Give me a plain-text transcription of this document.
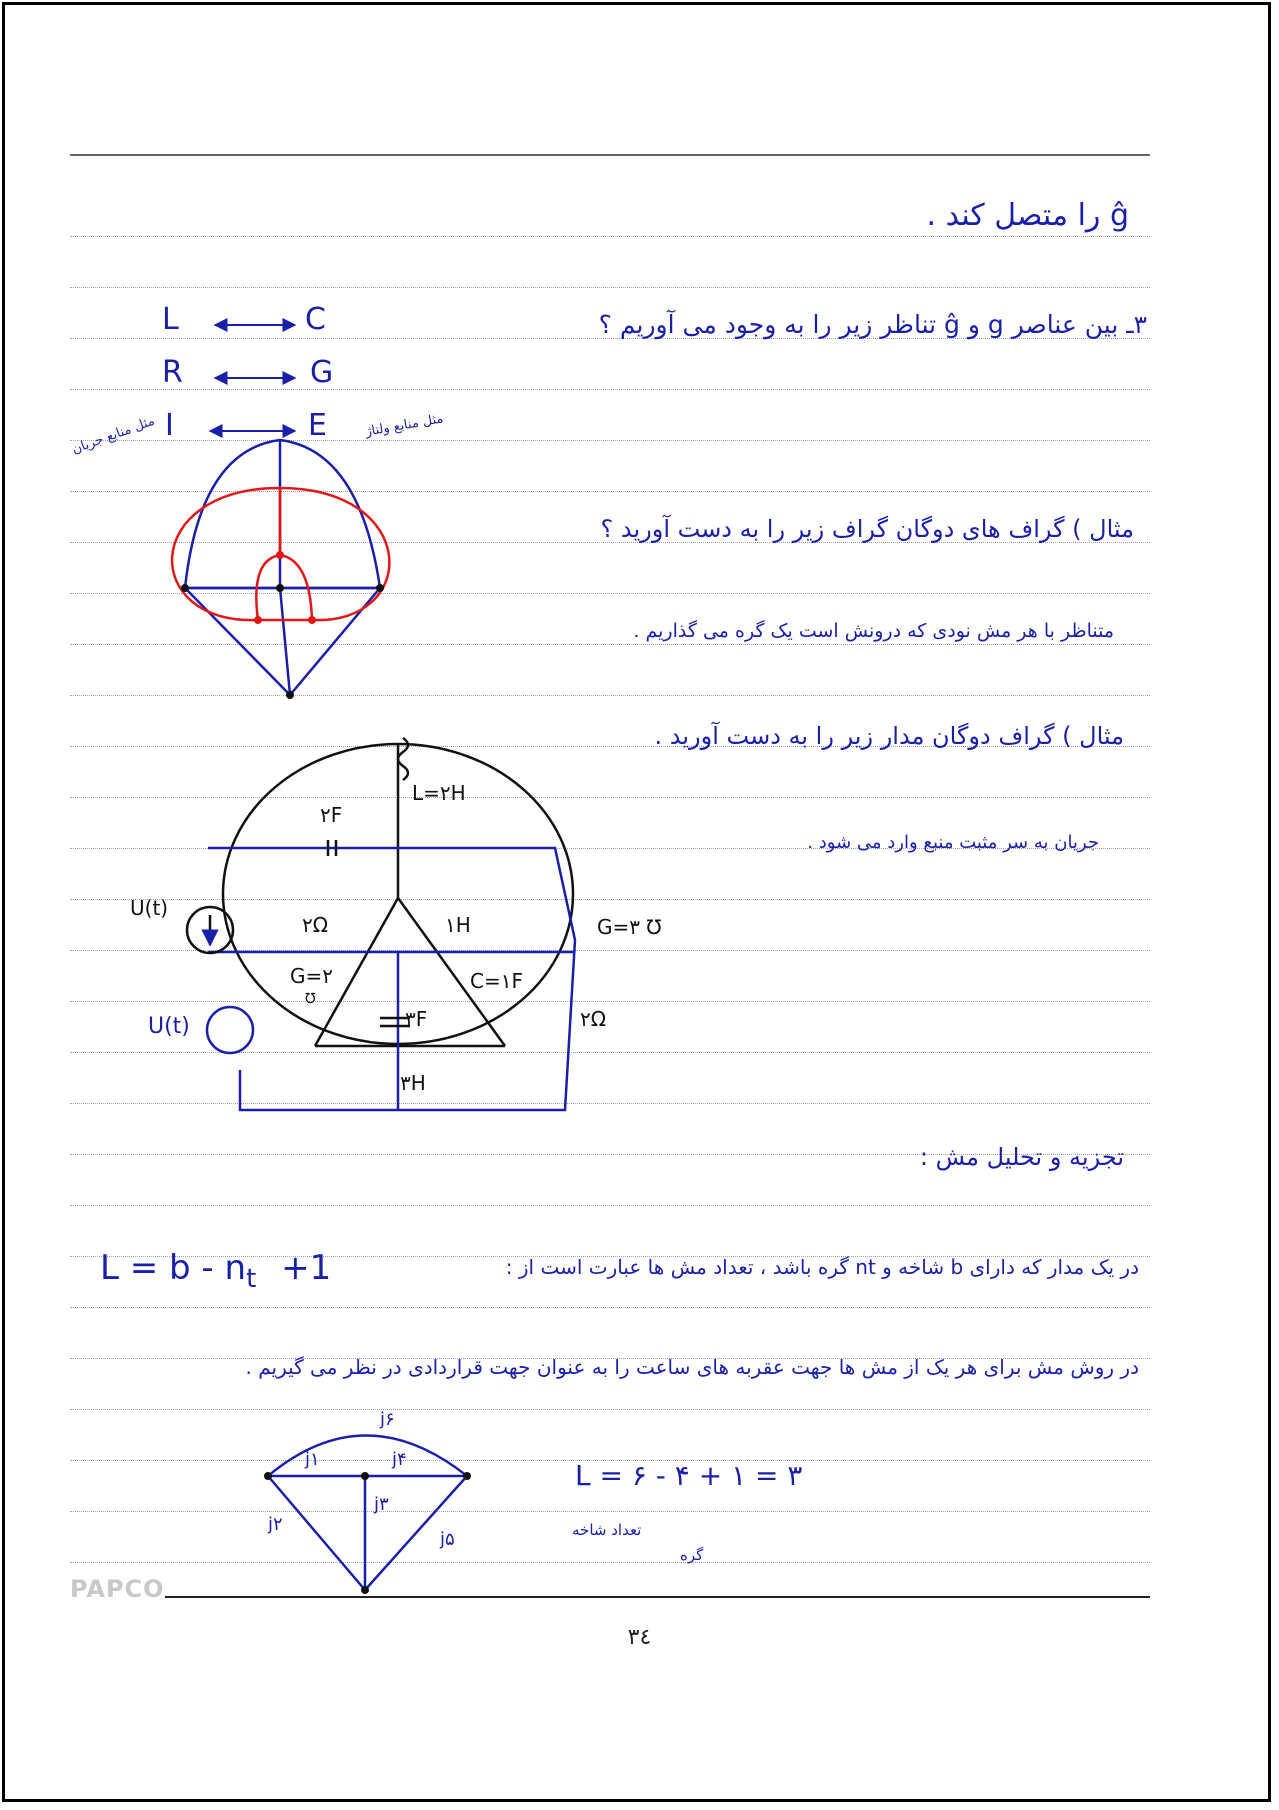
PAPCO
۳٤
ĝ را متصل کند .
۳ـ بین عناصر g و ĝ تناظر زیر را به وجود می آوریم ؟
مثال ) گراف های دوگان گراف زیر را به دست آورید ؟
متناظر با هر مش نودی که درونش است یک گره می گذاریم .
مثال ) گراف دوگان مدار زیر را به دست آورید .
جریان به سر مثبت منبع وارد می شود .
تجزیه و تحلیل مش :
در یک مدار که دارای b شاخه و nt گره باشد ، تعداد مش ها عبارت است از :
در روش مش برای هر یک از مش ها جهت عقربه های ساعت را به عنوان جهت قراردادی در نظر می گیریم .
L	C
R	G
I	E
مثل منابع جریان	مثل منابع ولتاژ
$L = b - n_t +1$
L=۲H
۲F
U(t)
U(t)
۲Ω	۱H	G=۳ ℧
G=۲
℧
۳F
C=۱F
۲Ω
۳H
j۱
j۲
j۳
j۴
j۵
j۶
L = ۶ - ۴ + ۱ = ۳
تعداد شاخه
گره
